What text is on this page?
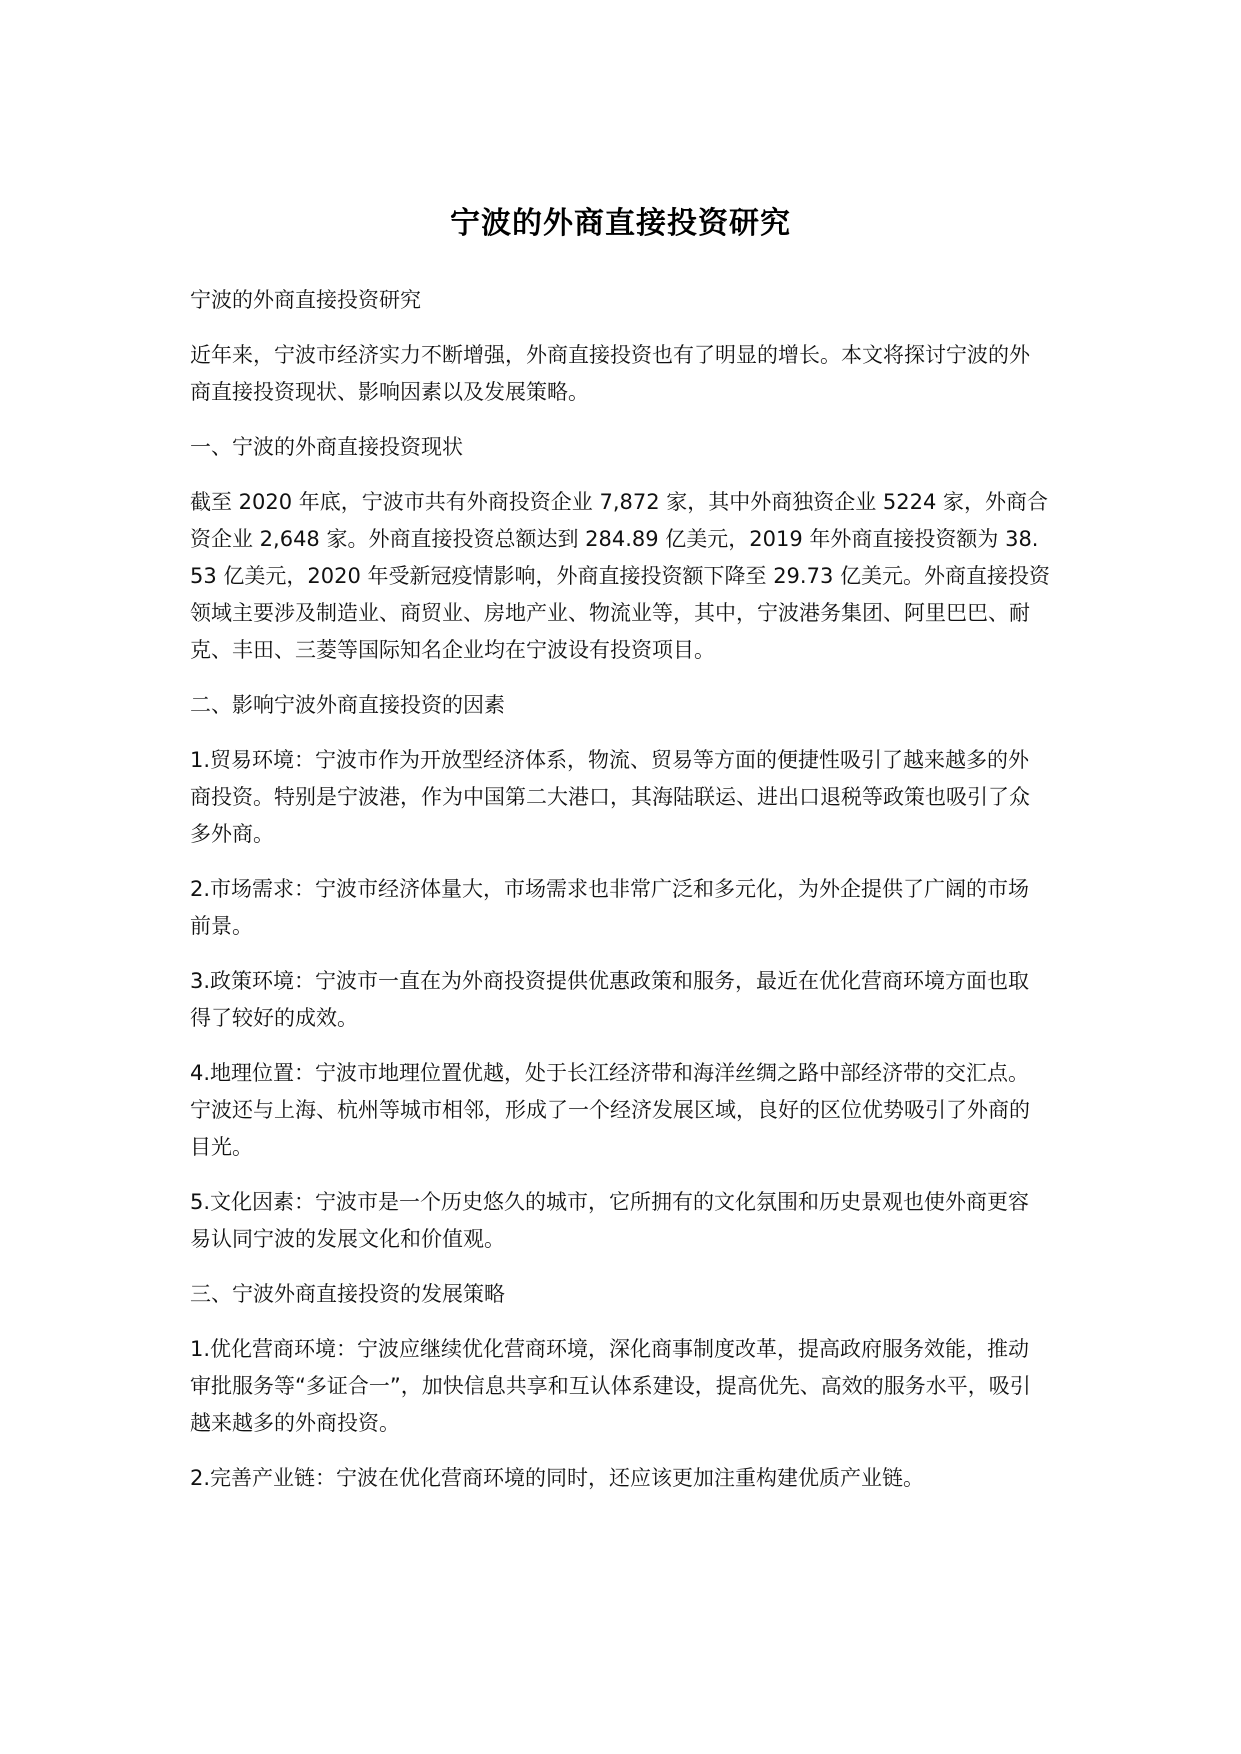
宁波的外商直接投资研究

宁波的外商直接投资研究

近年来，宁波市经济实力不断增强，外商直接投资也有了明显的增长。本文将探讨宁波的外商直接投资现状、影响因素以及发展策略。

一、宁波的外商直接投资现状

截至 2020 年底，宁波市共有外商投资企业 7,872 家，其中外商独资企业 5224 家，外商合资企业 2,648 家。外商直接投资总额达到 284.89 亿美元，2019 年外商直接投资额为 38.53 亿美元，2020 年受新冠疫情影响，外商直接投资额下降至 29.73 亿美元。外商直接投资领域主要涉及制造业、商贸业、房地产业、物流业等，其中，宁波港务集团、阿里巴巴、耐克、丰田、三菱等国际知名企业均在宁波设有投资项目。

二、影响宁波外商直接投资的因素

1.贸易环境：宁波市作为开放型经济体系，物流、贸易等方面的便捷性吸引了越来越多的外商投资。特别是宁波港，作为中国第二大港口，其海陆联运、进出口退税等政策也吸引了众多外商。

2.市场需求：宁波市经济体量大，市场需求也非常广泛和多元化，为外企提供了广阔的市场前景。

3.政策环境：宁波市一直在为外商投资提供优惠政策和服务，最近在优化营商环境方面也取得了较好的成效。

4.地理位置：宁波市地理位置优越，处于长江经济带和海洋丝绸之路中部经济带的交汇点。宁波还与上海、杭州等城市相邻，形成了一个经济发展区域，良好的区位优势吸引了外商的目光。

5.文化因素：宁波市是一个历史悠久的城市，它所拥有的文化氛围和历史景观也使外商更容易认同宁波的发展文化和价值观。

三、宁波外商直接投资的发展策略

1.优化营商环境：宁波应继续优化营商环境，深化商事制度改革，提高政府服务效能，推动审批服务等“多证合一”，加快信息共享和互认体系建设，提高优先、高效的服务水平，吸引越来越多的外商投资。

2.完善产业链：宁波在优化营商环境的同时，还应该更加注重构建优质产业链。
